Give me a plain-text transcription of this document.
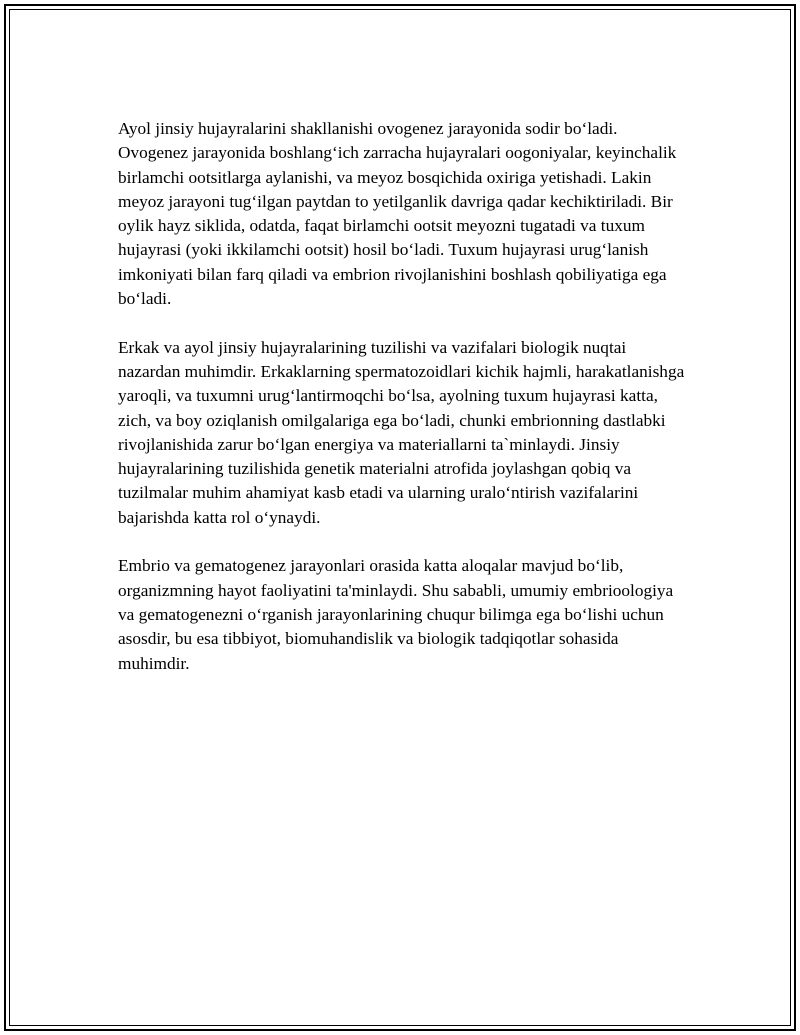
Ayol jinsiy hujayralarini shakllanishi ovogenez jarayonida sodir boʻladi. Ovogenez jarayonida boshlangʻich zarracha hujayralari oogoniyalar, keyinchalik birlamchi ootsitlarga aylanishi, va meyoz bosqichida oxiriga yetishadi. Lakin meyoz jarayoni tugʻilgan paytdan to yetilganlik davriga qadar kechiktiriladi. Bir oylik hayz siklida, odatda, faqat birlamchi ootsit meyozni tugatadi va tuxum hujayrasi (yoki ikkilamchi ootsit) hosil boʻladi. Tuxum hujayrasi urugʻlanish imkoniyati bilan farq qiladi va embrion rivojlanishini boshlash qobiliyatiga ega boʻladi.

Erkak va ayol jinsiy hujayralarining tuzilishi va vazifalari biologik nuqtai nazardan muhimdir. Erkaklarning spermatozoidlari kichik hajmli, harakatlanishga yaroqli, va tuxumni urugʻlantirmoqchi boʻlsa, ayolning tuxum hujayrasi katta, zich, va boy oziqlanish omilgalariga ega boʻladi, chunki embrionning dastlabki rivojlanishida zarur boʻlgan energiya va materiallarni ta`minlaydi. Jinsiy hujayralarining tuzilishida genetik materialni atrofida joylashgan qobiq va tuzilmalar muhim ahamiyat kasb etadi va ularning uraloʻntirish vazifalarini bajarishda katta rol oʻynaydi.

Embrio va gematogenez jarayonlari orasida katta aloqalar mavjud boʻlib, organizmning hayot faoliyatini ta'minlaydi. Shu sababli, umumiy embrioologiya va gematogenezni oʻrganish jarayonlarining chuqur bilimga ega boʻlishi uchun asosdir, bu esa tibbiyot, biomuhandislik va biologik tadqiqotlar sohasida muhimdir.
